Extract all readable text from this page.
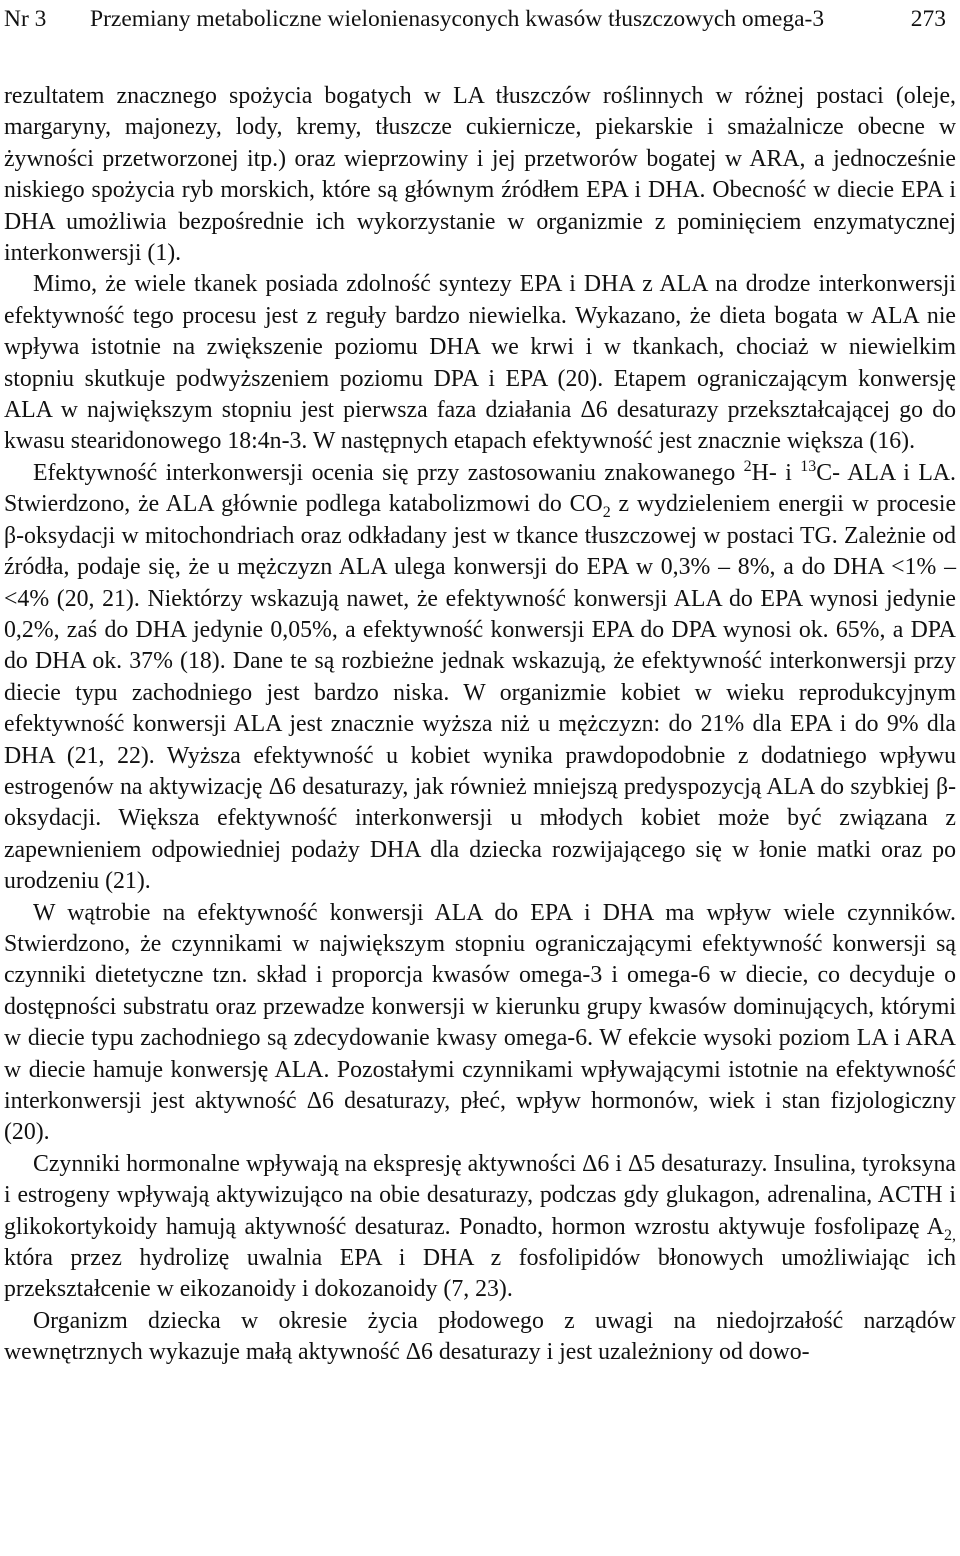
Nr 3 Przemiany metaboliczne wielonienasyconych kwasów tłuszczowych omega-3	273

rezultatem znacznego spożycia bogatych w LA tłuszczów roślinnych w różnej postaci (oleje, margaryny, majonezy, lody, kremy, tłuszcze cukiernicze, piekarskie i smażalnicze obecne w żywności przetworzonej itp.) oraz wieprzowiny i jej przetworów bogatej w ARA, a jednocześnie niskiego spożycia ryb morskich, które są głównym źródłem EPA i DHA. Obecność w diecie EPA i DHA umożliwia bezpośrednie ich wykorzystanie w organizmie z pominięciem enzymatycznej interkonwersji (1).

Mimo, że wiele tkanek posiada zdolność syntezy EPA i DHA z ALA na drodze interkonwersji efektywność tego procesu jest z reguły bardzo niewielka. Wykazano, że dieta bogata w ALA nie wpływa istotnie na zwiększenie poziomu DHA we krwi i w tkankach, chociaż w niewielkim stopniu skutkuje podwyższeniem poziomu DPA i EPA (20). Etapem ograniczającym konwersję ALA w największym stopniu jest pierwsza faza działania Δ6 desaturazy przekształcającej go do kwasu stearidonowego 18:4n-3. W następnych etapach efektywność jest znacznie większa (16).

Efektywność interkonwersji ocenia się przy zastosowaniu znakowanego $^2$H- i $^{13}$C- ALA i LA. Stwierdzono, że ALA głównie podlega katabolizmowi do $CO_2$ z wydzieleniem energii w procesie β-oksydacji w mitochondriach oraz odkładany jest w tkance tłuszczowej w postaci TG. Zależnie od źródła, podaje się, że u mężczyzn ALA ulega konwersji do EPA w 0,3% – 8%, a do DHA <1% – <4% (20, 21). Niektórzy wskazują nawet, że efektywność konwersji ALA do EPA wynosi jedynie 0,2%, zaś do DHA jedynie 0,05%, a efektywność konwersji EPA do DPA wynosi ok. 65%, a DPA do DHA ok. 37% (18). Dane te są rozbieżne jednak wskazują, że efektywność interkonwersji przy diecie typu zachodniego jest bardzo niska. W organizmie kobiet w wieku reprodukcyjnym efektywność konwersji ALA jest znacznie wyższa niż u mężczyzn: do 21% dla EPA i do 9% dla DHA (21, 22). Wyższa efektywność u kobiet wynika prawdopodobnie z dodatniego wpływu estrogenów na aktywizację Δ6 desaturazy, jak również mniejszą predyspozycją ALA do szybkiej β-oksydacji. Większa efektywność interkonwersji u młodych kobiet może być związana z zapewnieniem odpowiedniej podaży DHA dla dziecka rozwijającego się w łonie matki oraz po urodzeniu (21).

W wątrobie na efektywność konwersji ALA do EPA i DHA ma wpływ wiele czynników. Stwierdzono, że czynnikami w największym stopniu ograniczającymi efektywność konwersji są czynniki dietetyczne tzn. skład i proporcja kwasów omega-3 i omega-6 w diecie, co decyduje o dostępności substratu oraz przewadze konwersji w kierunku grupy kwasów dominujących, którymi w diecie typu zachodniego są zdecydowanie kwasy omega-6. W efekcie wysoki poziom LA i ARA w diecie hamuje konwersję ALA. Pozostałymi czynnikami wpływającymi istotnie na efektywność interkonwersji jest aktywność Δ6 desaturazy, płeć, wpływ hormonów, wiek i stan fizjologiczny (20).

Czynniki hormonalne wpływają na ekspresję aktywności Δ6 i Δ5 desaturazy. Insulina, tyroksyna i estrogeny wpływają aktywizująco na obie desaturazy, podczas gdy glukagon, adrenalina, ACTH i glikokortykoidy hamują aktywność desaturaz. Ponadto, hormon wzrostu aktywuje fosfolipazę $A_{2,}$ która przez hydrolizę uwalnia EPA i DHA z fosfolipidów błonowych umożliwiając ich przekształcenie w eikozanoidy i dokozanoidy (7, 23).

Organizm dziecka w okresie życia płodowego z uwagi na niedojrzałość narządów wewnętrznych wykazuje małą aktywność Δ6 desaturazy i jest uzależniony od dowo-
